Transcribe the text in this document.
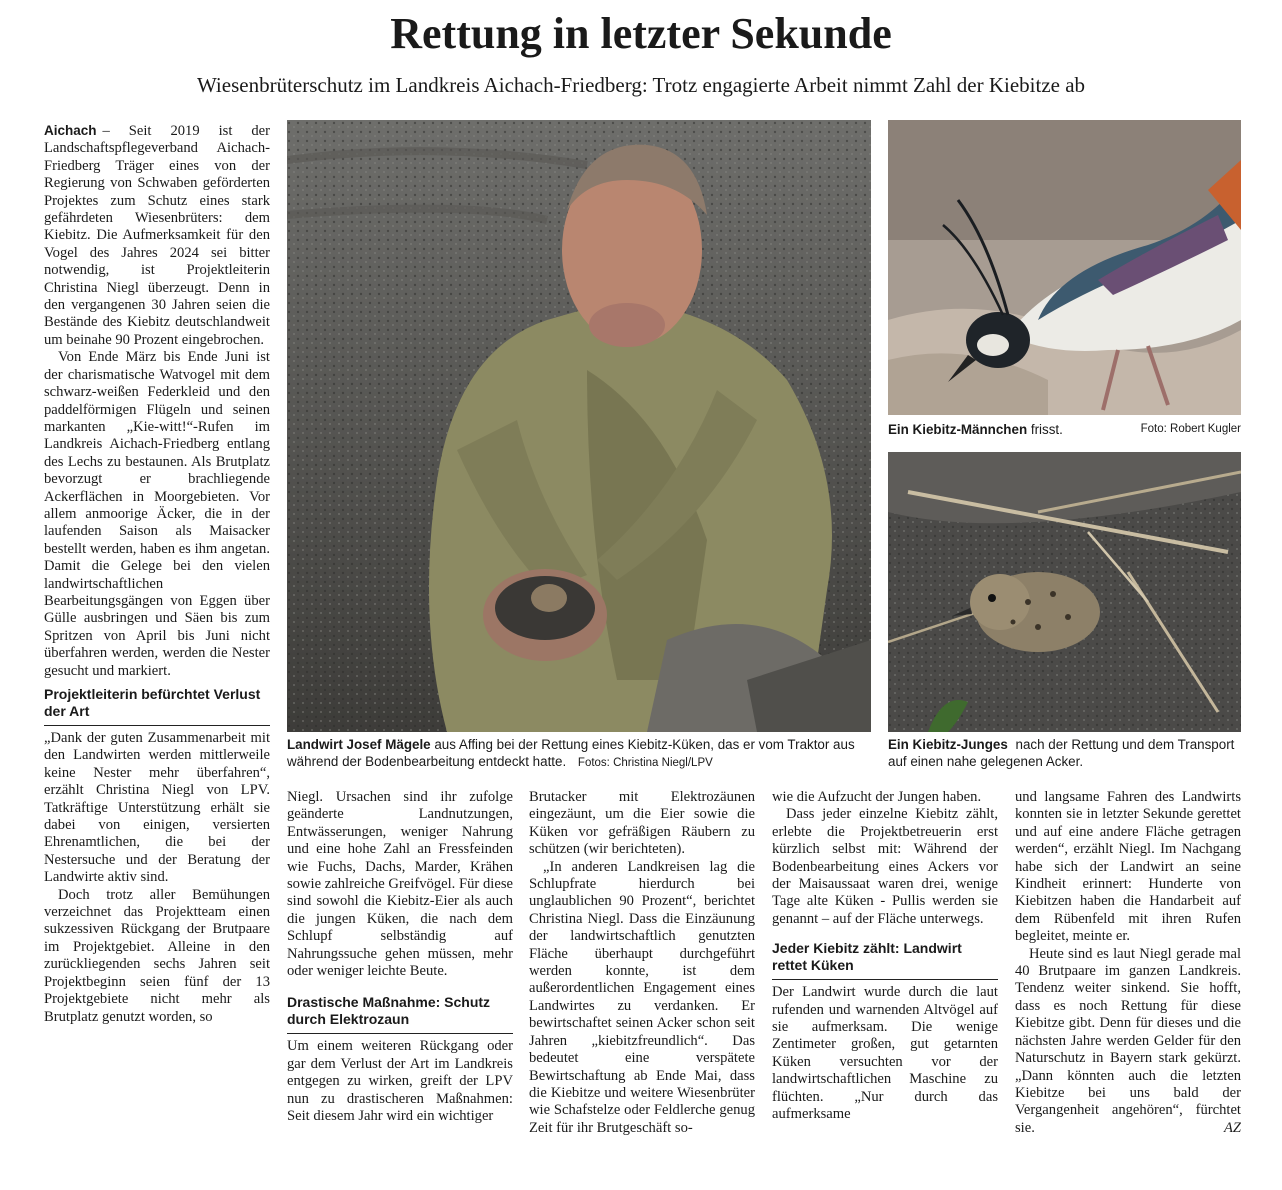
Rettung in letzter Sekunde
Wiesenbrüterschutz im Landkreis Aichach-Friedberg: Trotz engagierte Arbeit nimmt Zahl der Kiebitze ab

Aichach – Seit 2019 ist der Landschaftspflegeverband Aichach-Friedberg Träger eines von der Regierung von Schwaben geförderten Projektes zum Schutz eines stark gefährdeten Wiesenbrüters: dem Kiebitz. Die Aufmerksamkeit für den Vogel des Jahres 2024 sei bitter notwendig, ist Projektleiterin Christina Niegl überzeugt. Denn in den vergangenen 30 Jahren seien die Bestände des Kiebitz deutschlandweit um beinahe 90 Prozent eingebrochen.

Von Ende März bis Ende Juni ist der charismatische Watvogel mit dem schwarz-weißen Federkleid und den paddelförmigen Flügeln und seinen markanten „Kie-witt!“-Rufen im Landkreis Aichach-Friedberg entlang des Lechs zu bestaunen. Als Brutplatz bevorzugt er brachliegende Ackerflächen in Moorgebieten. Vor allem anmoorige Äcker, die in der laufenden Saison als Maisacker bestellt werden, haben es ihm angetan. Damit die Gelege bei den vielen landwirtschaftlichen Bearbeitungsgängen von Eggen über Gülle ausbringen und Säen bis zum Spritzen von April bis Juni nicht überfahren werden, werden die Nester gesucht und markiert.

Projektleiterin befürchtet Verlust der Art

„Dank der guten Zusammenarbeit mit den Landwirten werden mittlerweile keine Nester mehr überfahren“, erzählt Christina Niegl von LPV. Tatkräftige Unterstützung erhält sie dabei von einigen, versierten Ehrenamtlichen, die bei der Nestersuche und der Beratung der Landwirte aktiv sind.

Doch trotz aller Bemühungen verzeichnet das Projektteam einen sukzessiven Rückgang der Brutpaare im Projektgebiet. Alleine in den zurückliegenden sechs Jahren seit Projektbeginn seien fünf der 13 Projektgebiete nicht mehr als Brutplatz genutzt worden, so

Landwirt Josef Mägele aus Affing bei der Rettung eines Kiebitz-Küken, das er vom Traktor aus während der Bodenbearbeitung entdeckt hatte. Fotos: Christina Niegl/LPV
Ein Kiebitz-Männchen frisst.	Foto: Robert Kugler
Ein Kiebitz-Junges nach der Rettung und dem Transport auf einen nahe gelegenen Acker.

Niegl. Ursachen sind ihr zufolge geänderte Landnutzungen, Entwässerungen, weniger Nahrung und eine hohe Zahl an Fressfeinden wie Fuchs, Dachs, Marder, Krähen sowie zahlreiche Greifvögel. Für diese sind sowohl die Kiebitz-Eier als auch die jungen Küken, die nach dem Schlupf selbständig auf Nahrungssuche gehen müssen, mehr oder weniger leichte Beute.

Drastische Maßnahme: Schutz durch Elektrozaun

Um einem weiteren Rückgang oder gar dem Verlust der Art im Landkreis entgegen zu wirken, greift der LPV nun zu drastischeren Maßnahmen: Seit diesem Jahr wird ein wichtiger

Brutacker mit Elektrozäunen eingezäunt, um die Eier sowie die Küken vor gefräßigen Räubern zu schützen (wir berichteten).

„In anderen Landkreisen lag die Schlupfrate hierdurch bei unglaublichen 90 Prozent“, berichtet Christina Niegl. Dass die Einzäunung der landwirtschaftlich genutzten Fläche überhaupt durchgeführt werden konnte, ist dem außerordentlichen Engagement eines Landwirtes zu verdanken. Er bewirtschaftet seinen Acker schon seit Jahren „kiebitzfreundlich“. Das bedeutet eine verspätete Bewirtschaftung ab Ende Mai, dass die Kiebitze und weitere Wiesenbrüter wie Schafstelze oder Feldlerche genug Zeit für ihr Brutgeschäft so-

wie die Aufzucht der Jungen haben.

Dass jeder einzelne Kiebitz zählt, erlebte die Projektbetreuerin erst kürzlich selbst mit: Während der Bodenbearbeitung eines Ackers vor der Maisaussaat waren drei, wenige Tage alte Küken - Pullis werden sie genannt – auf der Fläche unterwegs.

Jeder Kiebitz zählt: Landwirt rettet Küken

Der Landwirt wurde durch die laut rufenden und warnenden Altvögel auf sie aufmerksam. Die wenige Zentimeter großen, gut getarnten Küken versuchten vor der landwirtschaftlichen Maschine zu flüchten. „Nur durch das aufmerksame

und langsame Fahren des Landwirts konnten sie in letzter Sekunde gerettet und auf eine andere Fläche getragen werden“, erzählt Niegl. Im Nachgang habe sich der Landwirt an seine Kindheit erinnert: Hunderte von Kiebitzen haben die Handarbeit auf dem Rübenfeld mit ihren Rufen begleitet, meinte er.

Heute sind es laut Niegl gerade mal 40 Brutpaare im ganzen Landkreis. Tendenz weiter sinkend. Sie hofft, dass es noch Rettung für diese Kiebitze gibt. Denn für dieses und die nächsten Jahre werden Gelder für den Naturschutz in Bayern stark gekürzt. „Dann könnten auch die letzten Kiebitze bei uns bald der Vergangenheit angehören“, fürchtet sie.	AZ
